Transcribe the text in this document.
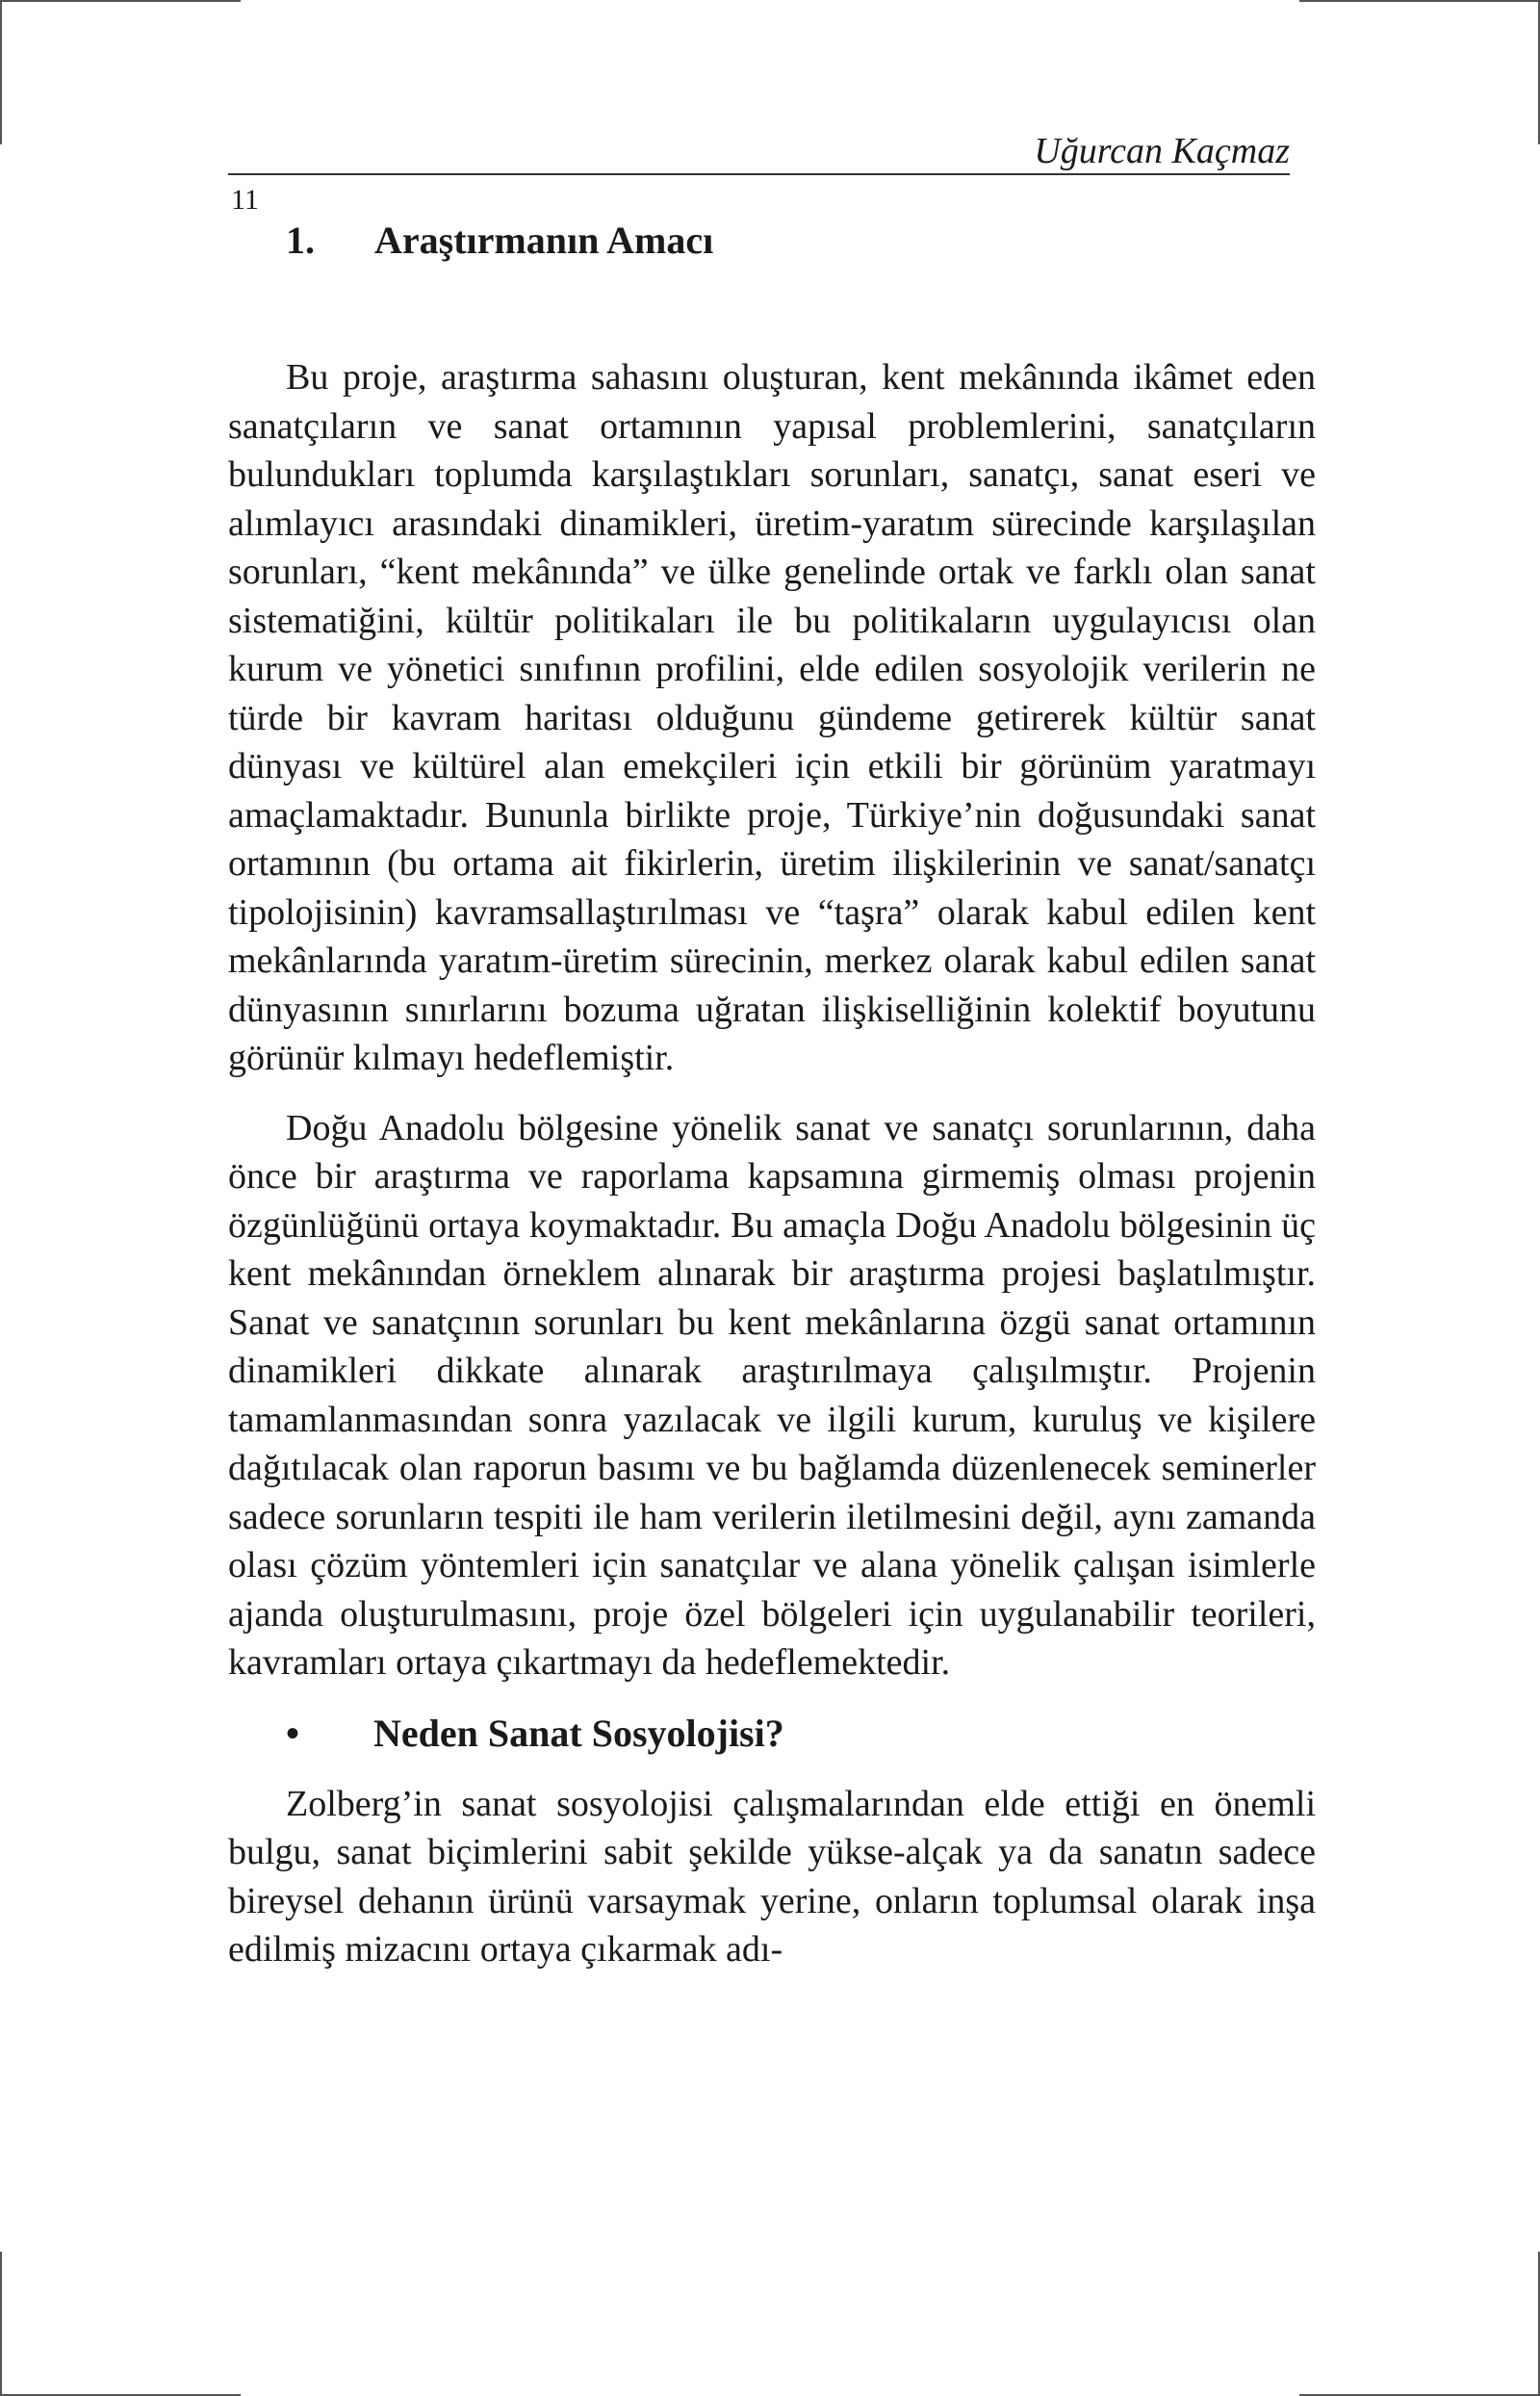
Uğurcan Kaçmaz
11
1. Araştırmanın Amacı

Bu proje, araştırma sahasını oluşturan, kent mekânında ikâmet eden sanatçıların ve sanat ortamının yapısal problemlerini, sanatçıların bulundukları toplumda karşılaştıkları sorunları, sanatçı, sanat eseri ve alımlayıcı arasındaki dinamikleri, üretim-yaratım sürecinde karşılaşılan sorunları, “kent mekânında” ve ülke genelinde ortak ve farklı olan sanat sistematiğini, kültür politikaları ile bu politikaların uygulayıcısı olan kurum ve yönetici sınıfının profilini, elde edilen sosyolojik verilerin ne türde bir kavram haritası olduğunu gündeme getirerek kültür sanat dünyası ve kültürel alan emekçileri için etkili bir görünüm yaratmayı amaçlamaktadır. Bununla birlikte proje, Türkiye’nin doğusundaki sanat ortamının (bu ortama ait fikirlerin, üretim ilişkilerinin ve sanat/sanatçı tipolojisinin) kavramsallaştırılması ve “taşra” olarak kabul edilen kent mekânlarında yaratım-üretim sürecinin, merkez olarak kabul edilen sanat dünyasının sınırlarını bozuma uğratan ilişkiselliğinin kolektif boyutunu görünür kılmayı hedeflemiştir.

Doğu Anadolu bölgesine yönelik sanat ve sanatçı sorunlarının, daha önce bir araştırma ve raporlama kapsamına girmemiş olması projenin özgünlüğünü ortaya koymaktadır. Bu amaçla Doğu Anadolu bölgesinin üç kent mekânından örneklem alınarak bir araştırma projesi başlatılmıştır. Sanat ve sanatçının sorunları bu kent mekânlarına özgü sanat ortamının dinamikleri dikkate alınarak araştırılmaya çalışılmıştır. Projenin tamamlanmasından sonra yazılacak ve ilgili kurum, kuruluş ve kişilere dağıtılacak olan raporun basımı ve bu bağlamda düzenlenecek seminerler sadece sorunların tespiti ile ham verilerin iletilmesini değil, aynı zamanda olası çözüm yöntemleri için sanatçılar ve alana yönelik çalışan isimlerle ajanda oluşturulmasını, proje özel bölgeleri için uygulanabilir teorileri, kavramları ortaya çıkartmayı da hedeflemektedir.

• Neden Sanat Sosyolojisi?

Zolberg’in sanat sosyolojisi çalışmalarından elde ettiği en önemli bulgu, sanat biçimlerini sabit şekilde yükse-alçak ya da sanatın sadece bireysel dehanın ürünü varsaymak yerine, onların toplumsal olarak inşa edilmiş mizacını ortaya çıkarmak adı-
